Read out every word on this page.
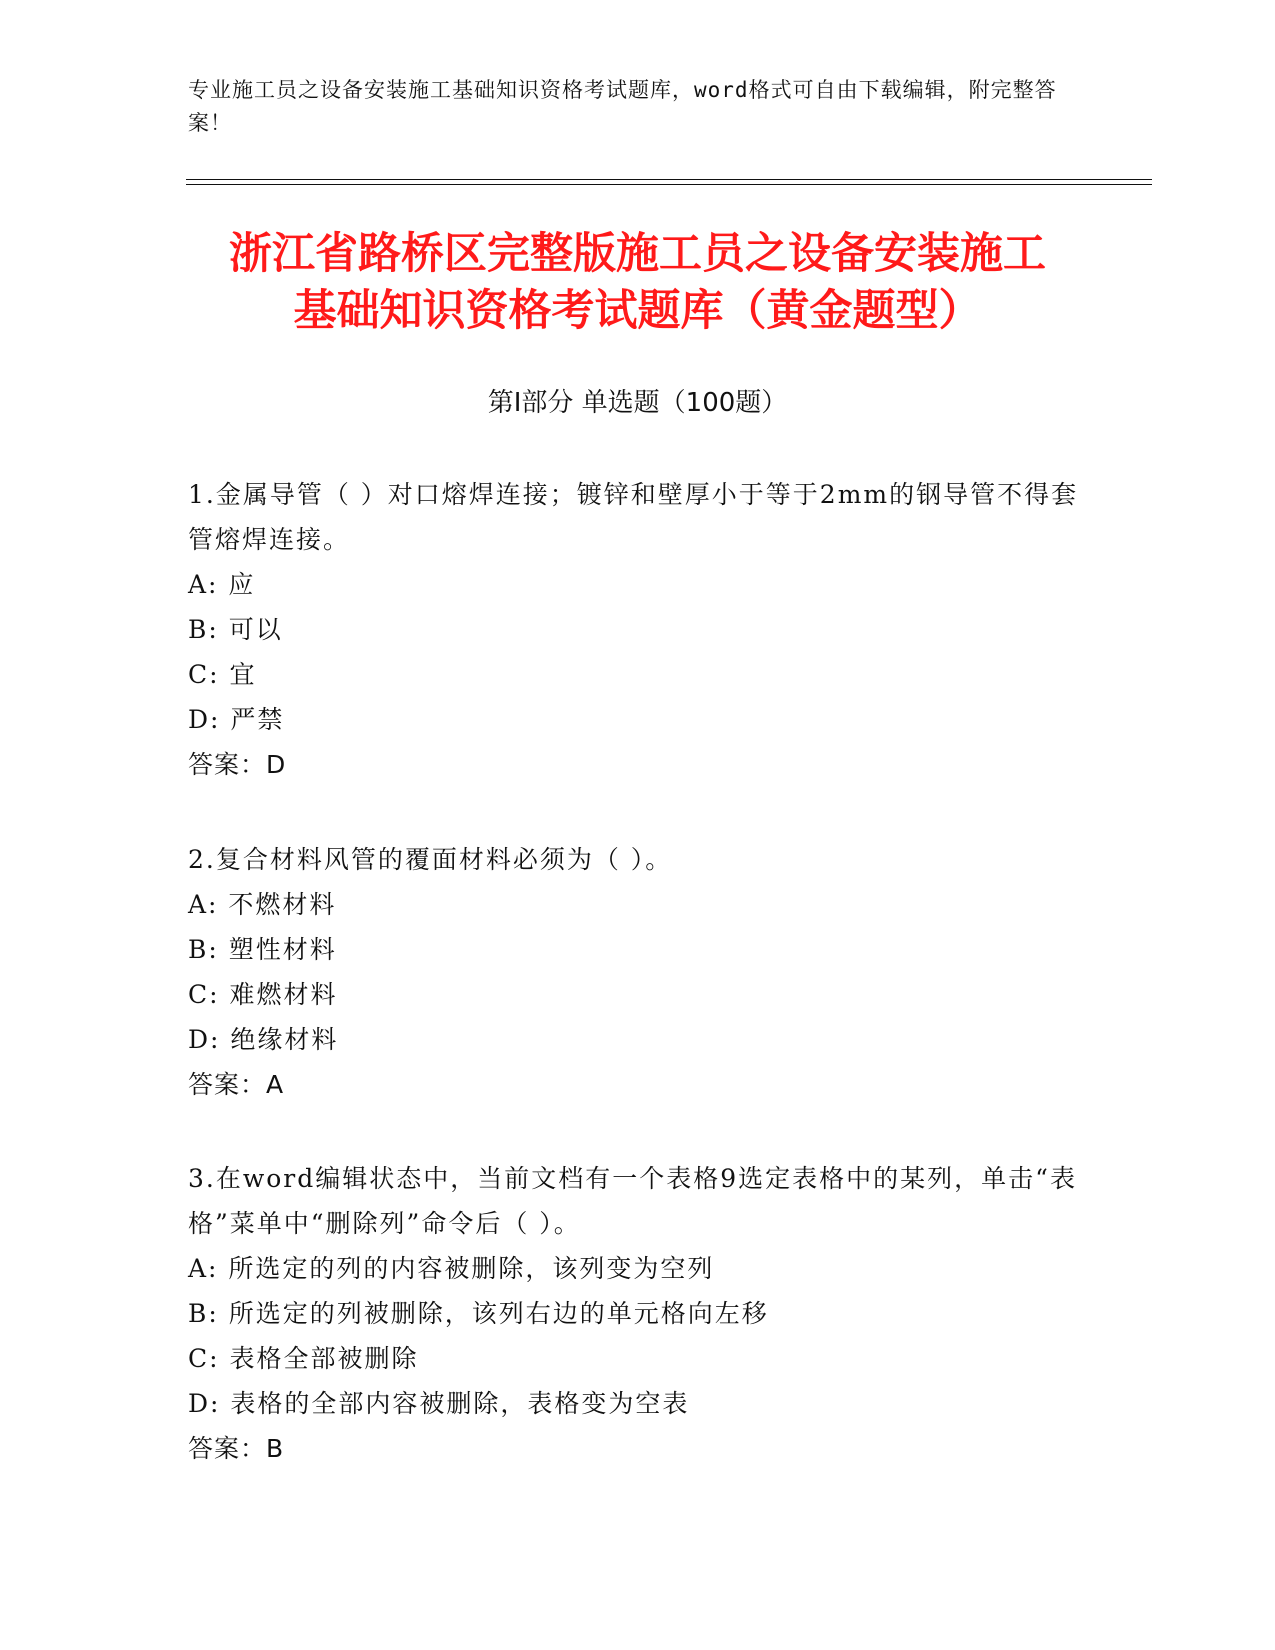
专业施工员之设备安装施工基础知识资格考试题库，word格式可自由下载编辑，附完整答案！
浙江省路桥区完整版施工员之设备安装施工
基础知识资格考试题库（黄金题型）
第Ⅰ部分 单选题（100题）
1.金属导管（ ）对口熔焊连接；镀锌和壁厚小于等于2mm的钢导管不得套管熔焊连接。
A: 应
B: 可以
C: 宜
D: 严禁
答案：D
2.复合材料风管的覆面材料必须为（ ）。
A: 不燃材料
B: 塑性材料
C: 难燃材料
D: 绝缘材料
答案：A
3.在word编辑状态中，当前文档有一个表格9选定表格中的某列，单击“表格”菜单中“删除列”命令后（ ）。
A: 所选定的列的内容被删除，该列变为空列
B: 所选定的列被删除，该列右边的单元格向左移
C: 表格全部被删除
D: 表格的全部内容被删除，表格变为空表
答案：B
